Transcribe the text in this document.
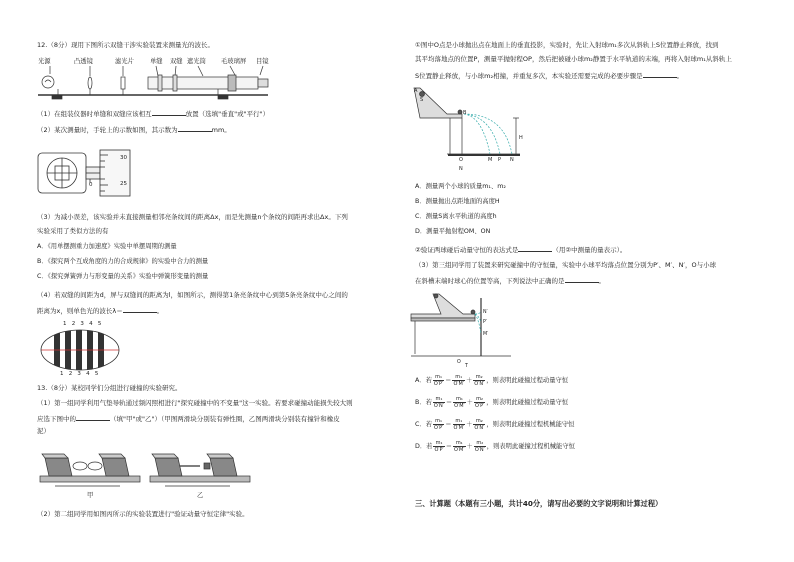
12.（8分）现用下图所示双缝干涉实验装置来测量光的波长。
光源	凸透镜	滤光片	单缝 双缝 遮光筒 毛玻璃屏 目镜
（1）在组装仪器时单缝和双缝应该相互	放置（选填"垂直"或"平行"）
（2）某次测量时，手轮上的示数如图，其示数为	mm。
30
25
0
（3）为减小误差，该实验并未直接测量相邻亮条纹间的距离Δx，而是先测量n个条纹的间距再求出Δx。下列
实验采用了类似方法的有
A．《用单摆测重力加速度》实验中单摆周期的测量
B．《探究两个互成角度的力的合成规律》的实验中合力的测量
C．《探究弹簧弹力与形变量的关系》实验中弹簧形变量的测量
（4）若双缝的间距为d，屏与双缝间的距离为l，如图所示，测得第1条亮条纹中心到第5条亮条纹中心之间的
距离为x，则单色光的波长λ＝	。
12345
12345
13.（8分）某校同学们分组进行碰撞的实验研究。
（1）第一组同学利用气垫导轨通过频闪照相进行"探究碰撞中的不变量"这一实验。若要求碰撞动能损失较大则
应选下图中的	（填"甲"或"乙"）（甲图两滑块分别装有弹性圈，乙图两滑块分别装有撞针和橡皮
泥）
甲	乙
（2）第二组同学用如图丙所示的实验装置进行"验证动量守恒定律"实验。
①图中O点是小球抛出点在地面上的垂直投影，实验时，先让入射球m₁多次从斜轨上S位置静止释放，找到
其平均落地点的位置P，测量平抛射程OP，然后把被碰小球m₂静置于水平轨道的末端，再将入射球m₁从斜轨上
S位置静止释放，与小球m₂相撞，并重复多次，本实验还需要完成的必要步骤是	。
A
S
B
H
O	M P N
N
A．测量两个小球的质量m₁、m₂
B．测量抛出点距地面的高度H
C．测量S离水平轨道的高度h
D．测量平抛射程OM、ON
②验证两球碰后动量守恒的表达式是	（用②中测量的量表示）。
（3）第三组同学用了装置来研究碰撞中的守恒量，实验中小球平均落点位置分别为P′、M′、N′，O与小球
在斜槽末端时球心的位置等高，下列说法中正确的是	。
N′
P′
M′
O
T
A．若 $\frac{\text{m₁}}{O'P'} = \frac{\text{m₁}}{O'M'} + \frac{\text{m₂}}{O'N'}$ ，则表明此碰撞过程动量守恒
B．若 $\frac{\text{m₁}}{O'N'} = \frac{\text{m₁}}{O'M'} + \frac{\text{m₂}}{O'P'}$ ，则表明此碰撞过程动量守恒
C．若 $\frac{\text{m₁}}{O'P'} = \frac{\text{m₁}}{O'M'} + \frac{\text{m₂}}{O'N'}$ ，则表明此碰撞过程机械能守恒
D．若 $\frac{\text{m₁}}{O'P'} = \frac{\text{m₁}}{O'M'} + \frac{\text{m₂}}{O'N'}$ ，则表明此碰撞过程机械能守恒
三、计算题（本题有三小题，共计40分，请写出必要的文字说明和计算过程）
